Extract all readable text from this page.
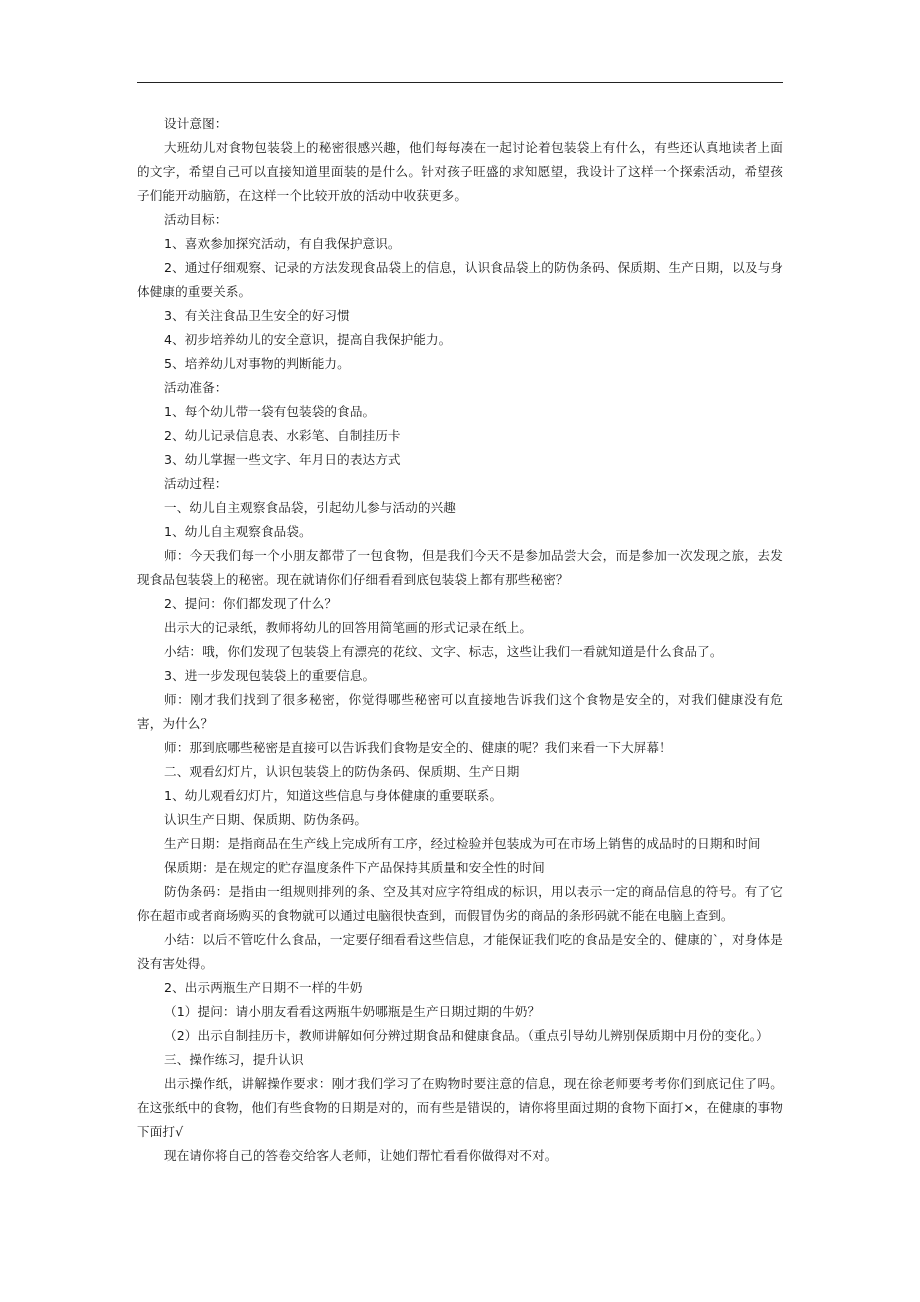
设计意图：

大班幼儿对食物包装袋上的秘密很感兴趣，他们每每凑在一起讨论着包装袋上有什么，有些还认真地读者上面的文字，希望自己可以直接知道里面装的是什么。针对孩子旺盛的求知愿望，我设计了这样一个探索活动，希望孩子们能开动脑筋，在这样一个比较开放的活动中收获更多。

活动目标：

1、喜欢参加探究活动，有自我保护意识。

2、通过仔细观察、记录的方法发现食品袋上的信息，认识食品袋上的防伪条码、保质期、生产日期，以及与身体健康的重要关系。

3、有关注食品卫生安全的好习惯

4、初步培养幼儿的安全意识，提高自我保护能力。

5、培养幼儿对事物的判断能力。

活动准备：

1、每个幼儿带一袋有包装袋的食品。

2、幼儿记录信息表、水彩笔、自制挂历卡

3、幼儿掌握一些文字、年月日的表达方式

活动过程：

一、幼儿自主观察食品袋，引起幼儿参与活动的兴趣

1、幼儿自主观察食品袋。

师：今天我们每一个小朋友都带了一包食物，但是我们今天不是参加品尝大会，而是参加一次发现之旅，去发现食品包装袋上的秘密。现在就请你们仔细看看到底包装袋上都有那些秘密？

2、提问：你们都发现了什么？

出示大的记录纸，教师将幼儿的回答用简笔画的形式记录在纸上。

小结：哦，你们发现了包装袋上有漂亮的花纹、文字、标志，这些让我们一看就知道是什么食品了。

3、进一步发现包装袋上的重要信息。

师：刚才我们找到了很多秘密，你觉得哪些秘密可以直接地告诉我们这个食物是安全的，对我们健康没有危害，为什么？

师：那到底哪些秘密是直接可以告诉我们食物是安全的、健康的呢？我们来看一下大屏幕！

二、观看幻灯片，认识包装袋上的防伪条码、保质期、生产日期

1、幼儿观看幻灯片，知道这些信息与身体健康的重要联系。

认识生产日期、保质期、防伪条码。

生产日期：是指商品在生产线上完成所有工序，经过检验并包装成为可在市场上销售的成品时的日期和时间

保质期：是在规定的贮存温度条件下产品保持其质量和安全性的时间

防伪条码：是指由一组规则排列的条、空及其对应字符组成的标识，用以表示一定的商品信息的符号。有了它你在超市或者商场购买的食物就可以通过电脑很快查到，而假冒伪劣的商品的条形码就不能在电脑上查到。

小结：以后不管吃什么食品，一定要仔细看看这些信息，才能保证我们吃的食品是安全的、健康的`，对身体是没有害处得。

2、出示两瓶生产日期不一样的牛奶

（1）提问：请小朋友看看这两瓶牛奶哪瓶是生产日期过期的牛奶？

（2）出示自制挂历卡，教师讲解如何分辨过期食品和健康食品。（重点引导幼儿辨别保质期中月份的变化。）

三、操作练习，提升认识

出示操作纸，讲解操作要求：刚才我们学习了在购物时要注意的信息，现在徐老师要考考你们到底记住了吗。在这张纸中的食物，他们有些食物的日期是对的，而有些是错误的，请你将里面过期的食物下面打×，在健康的事物下面打√

现在请你将自己的答卷交给客人老师，让她们帮忙看看你做得对不对。
